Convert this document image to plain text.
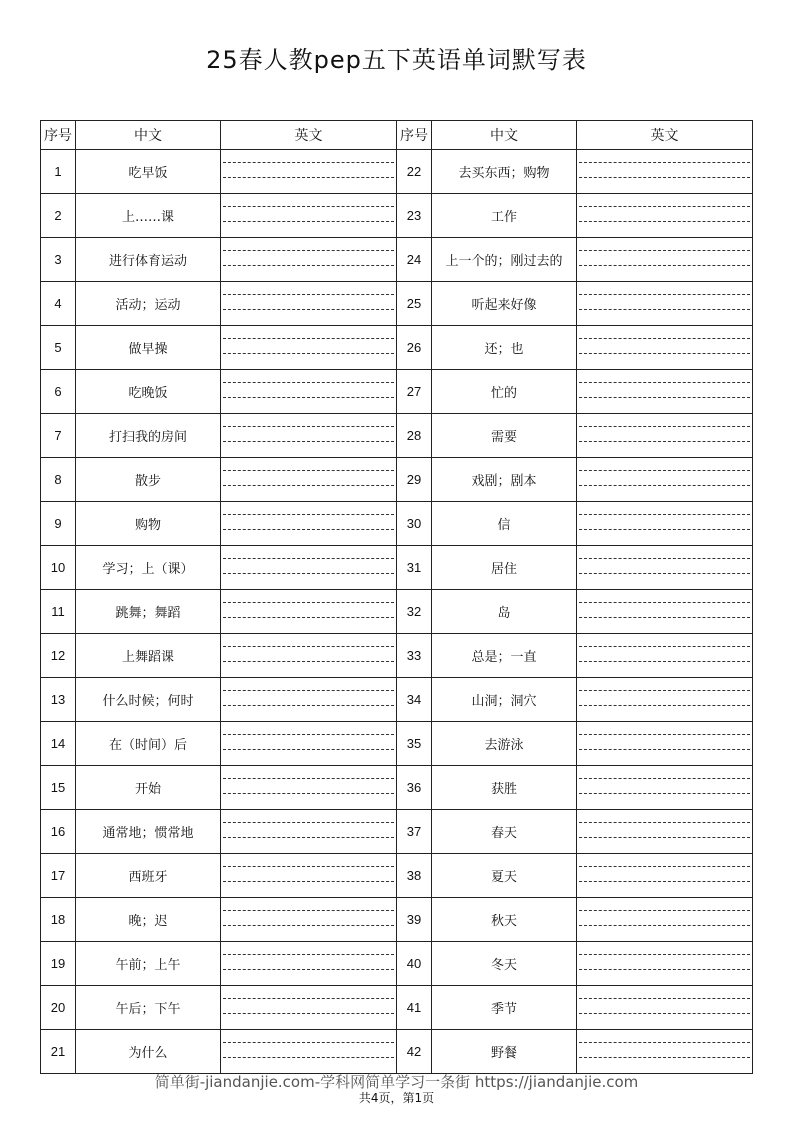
25春人教pep五下英语单词默写表
序号	中文	英文	序号	中文	英文
1	吃早饭		22	去买东西；购物	

2	上……课		23	工作	

3	进行体育运动		24	上一个的；刚过去的	

4	活动；运动		25	听起来好像	

5	做早操		26	还；也	

6	吃晚饭		27	忙的	

7	打扫我的房间		28	需要	

8	散步		29	戏剧；剧本	

9	购物		30	信	

10	学习；上（课）		31	居住	

11	跳舞；舞蹈		32	岛	

12	上舞蹈课		33	总是；一直	

13	什么时候；何时		34	山洞；洞穴	

14	在（时间）后		35	去游泳	

15	开始		36	获胜	

16	通常地；惯常地		37	春天	

17	西班牙		38	夏天	

18	晚；迟		39	秋天	

19	午前；上午		40	冬天	

20	午后；下午		41	季节	

21	为什么		42	野餐	
简单街-jiandanjie.com-学科网简单学习一条街 https://jiandanjie.com
共4页，第1页
